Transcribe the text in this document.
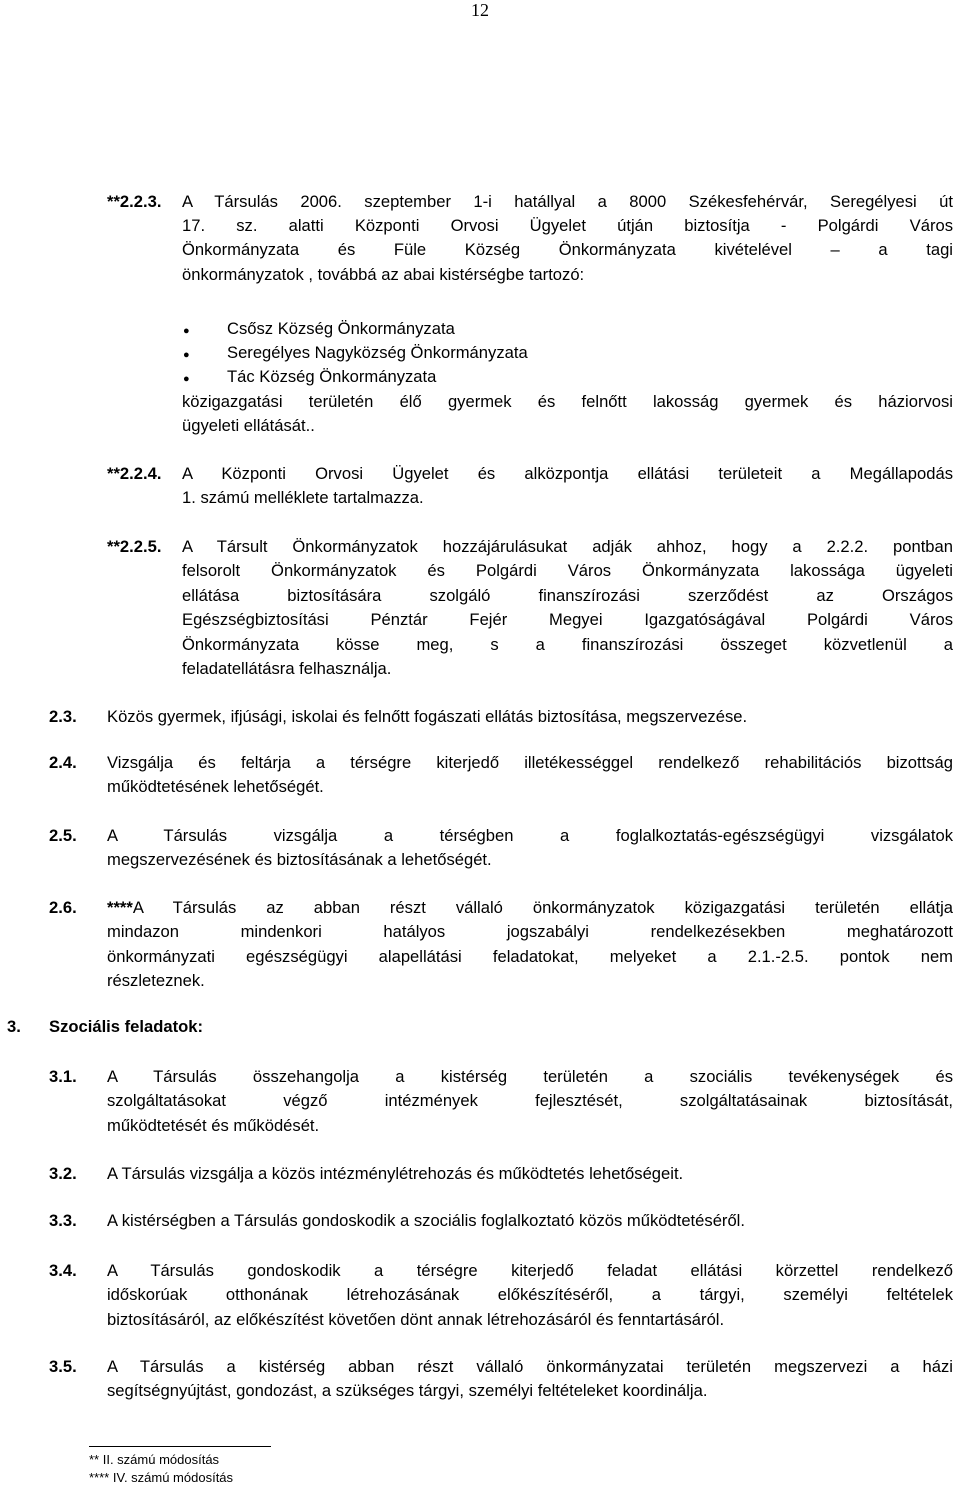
12
**2.2.3. A Társulás 2006. szeptember 1-i hatállyal a 8000 Székesfehérvár, Seregélyesi út
17. sz. alatti Központi Orvosi Ügyelet útján biztosítja - Polgárdi Város
Önkormányzata és Füle Község Önkormányzata kivételével – a tagi
önkormányzatok , továbbá az abai kistérségbe tartozó:
● Csősz Község Önkormányzata
● Seregélyes Nagyközség Önkormányzata
● Tác Község Önkormányzata
közigazgatási területén élő gyermek és felnőtt lakosság gyermek és háziorvosi
ügyeleti ellátását..
**2.2.4. A Központi Orvosi Ügyelet és alközpontja ellátási területeit a Megállapodás
1. számú melléklete tartalmazza.
**2.2.5. A Társult Önkormányzatok hozzájárulásukat adják ahhoz, hogy a 2.2.2. pontban
felsorolt Önkormányzatok és Polgárdi Város Önkormányzata lakossága ügyeleti
ellátása biztosítására szolgáló finanszírozási szerződést az Országos
Egészségbiztosítási Pénztár Fejér Megyei Igazgatóságával Polgárdi Város
Önkormányzata kösse meg, s a finanszírozási összeget közvetlenül a
feladatellátásra felhasználja.
2.3. Közös gyermek, ifjúsági, iskolai és felnőtt fogászati ellátás biztosítása, megszervezése.
2.4. Vizsgálja és feltárja a térségre kiterjedő illetékességgel rendelkező rehabilitációs bizottság
működtetésének lehetőségét.
2.5. A Társulás vizsgálja a térségben a foglalkoztatás-egészségügyi vizsgálatok
megszervezésének és biztosításának a lehetőségét.
2.6. ****A Társulás az abban részt vállaló önkormányzatok közigazgatási területén ellátja
mindazon mindenkori hatályos jogszabályi rendelkezésekben meghatározott
önkormányzati egészségügyi alapellátási feladatokat, melyeket a 2.1.-2.5. pontok nem
részleteznek.
3. Szociális feladatok:
3.1. A Társulás összehangolja a kistérség területén a szociális tevékenységek és
szolgáltatásokat végző intézmények fejlesztését, szolgáltatásainak biztosítását,
működtetését és működését.
3.2. A Társulás vizsgálja a közös intézménylétrehozás és működtetés lehetőségeit.
3.3. A kistérségben a Társulás gondoskodik a szociális foglalkoztató közös működtetéséről.
3.4. A Társulás gondoskodik a térségre kiterjedő feladat ellátási körzettel rendelkező
időskorúak otthonának létrehozásának előkészítéséről, a tárgyi, személyi feltételek
biztosításáról, az előkészítést követően dönt annak létrehozásáról és fenntartásáról.
3.5. A Társulás a kistérség abban részt vállaló önkormányzatai területén megszervezi a házi
segítségnyújtást, gondozást, a szükséges tárgyi, személyi feltételeket koordinálja.
** II. számú módosítás
**** IV. számú módosítás
